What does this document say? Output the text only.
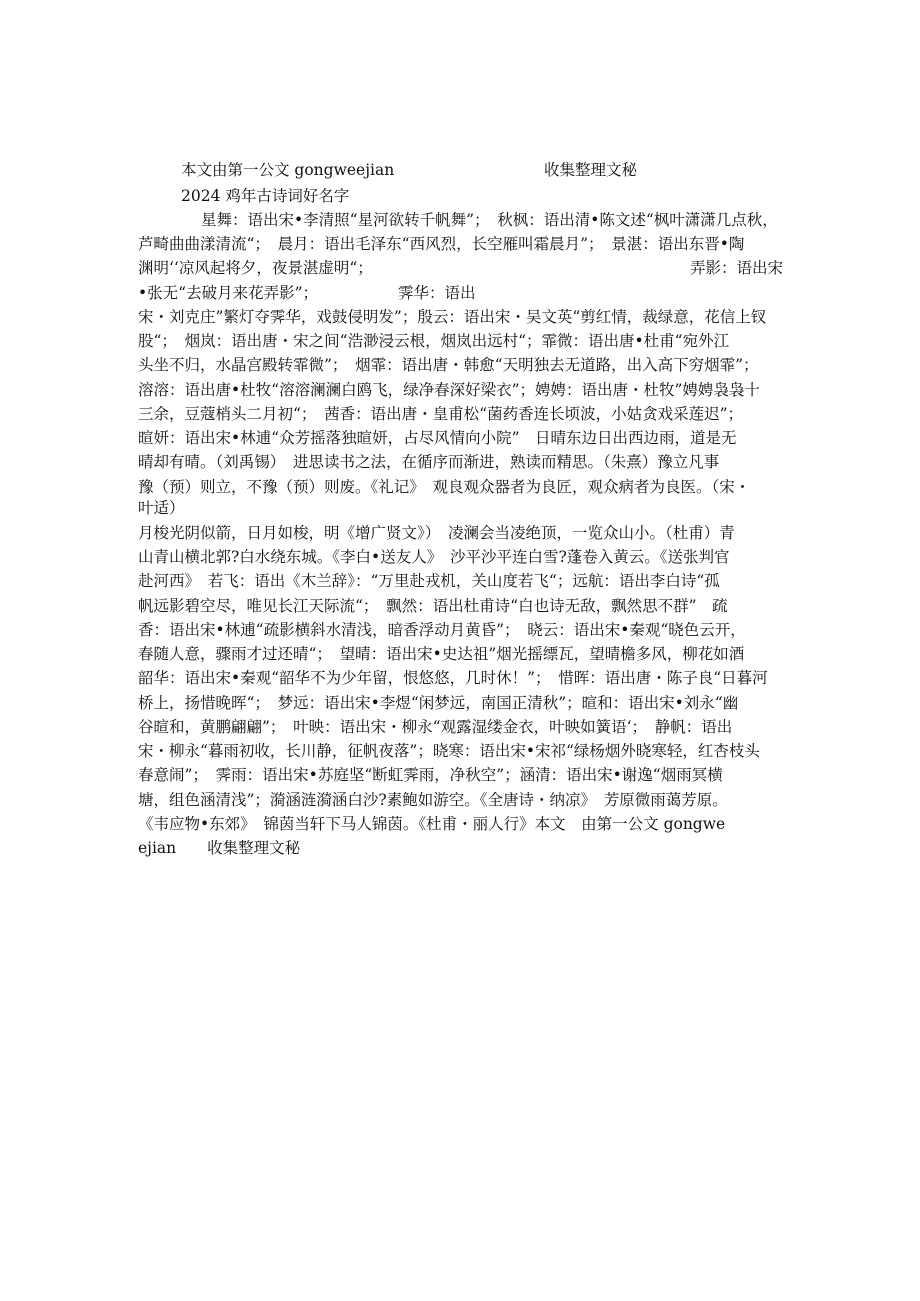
本文由第一公文 gongweejian	收集整理文秘
2024 鸡年古诗词好名字
星舞：语出宋•李清照“星河欲转千帆舞”；　秋枫：语出清•陈文述“枫叶潇潇几点秋，
芦畸曲曲漾清流“；　晨月：语出毛泽东“西风烈，长空雁叫霜晨月”；　景湛：语出东晋•陶
渊明‘‘凉风起将夕，夜景湛虚明“；	弄影：语出宋
•张无“去破月来花弄影”；	霁华：语出
宋・刘克庄”繁灯夺霁华，戏鼓侵明发”；殷云：语出宋・吴文英“剪红情，裁绿意，花信上钗
股“；　烟岚：语出唐・宋之间“浩渺浸云根，烟岚出远村“；霏微：语出唐•杜甫“宛外江
头坐不归，水晶宫殿转霏微”；　烟霏：语出唐・韩愈“天明独去无道路，出入高下穷烟霏”；
溶溶：语出唐•杜牧“溶溶澜澜白鸥飞，绿净春深好梁衣”；娉娉：语出唐・杜牧”娉娉袅袅十
三余，豆蔻梢头二月初“；　茜香：语出唐・皇甫松“菌药香连长顷波，小姑贪戏采莲迟”；
暄妍：语出宋•林逋“众芳摇落独暄妍，占尽风情向小院”　日晴东边日出西边雨，道是无
晴却有晴。（刘禹锡）　进思读书之法，在循序而渐进，熟读而精思。（朱熹）豫立凡事
豫（预）则立，不豫（预）则废。《礼记》　观良观众器者为良匠，观众病者为良医。（宋・
叶适）
月梭光阴似箭，日月如梭，明《增广贤文》）　凌澜会当凌绝顶，一览众山小。（杜甫）青
山青山横北郭?白水绕东城。《李白•送友人》　沙平沙平连白雪?蓬卷入黄云。《送张判官
赴河西》　若飞：语出《木兰辞》：“万里赴戎机，关山度若飞“；远航：语出李白诗“孤
帆远影碧空尽，唯见长江天际流“；　飘然：语出杜甫诗“白也诗无敌，飘然思不群”　疏
香：语出宋•林逋“疏影横斜水清浅，暗香浮动月黄昏”；　晓云：语出宋•秦观“晓色云开，
春随人意，骤雨才过还晴“；　望晴：语出宋•史达祖”烟光摇缥瓦，望晴檐多风，柳花如酒
韶华：语出宋•秦观“韶华不为少年留，恨悠悠，几时休！”；　惜晖：语出唐・陈子良“日暮河
桥上，扬惜晚晖“；　梦远：语出宋•李煜“闲梦远，南国正清秋”；暄和：语出宋•刘永“幽
谷暄和，黄鹏翩翩”；　叶映：语出宋・柳永“观露湿缕金衣，叶映如簧语‘；　静帆：语出
宋・柳永“暮雨初收，长川静，征帆夜落”；晓寒：语出宋•宋祁“绿杨烟外晓寒轻，红杏枝头
春意闹”；　霁雨：语出宋•苏庭坚“断虹霁雨，净秋空”；涵清：语出宋•谢逸“烟雨冥横
塘，组色涵清浅”；漪涵涟漪涵白沙?素鲍如游空。《全唐诗・纳凉》　芳原微雨蔼芳原。
《韦应物•东郊》　锦茵当轩下马人锦茵。《杜甫・丽人行》本文　由第一公文 gongwe
ejian　　收集整理文秘
